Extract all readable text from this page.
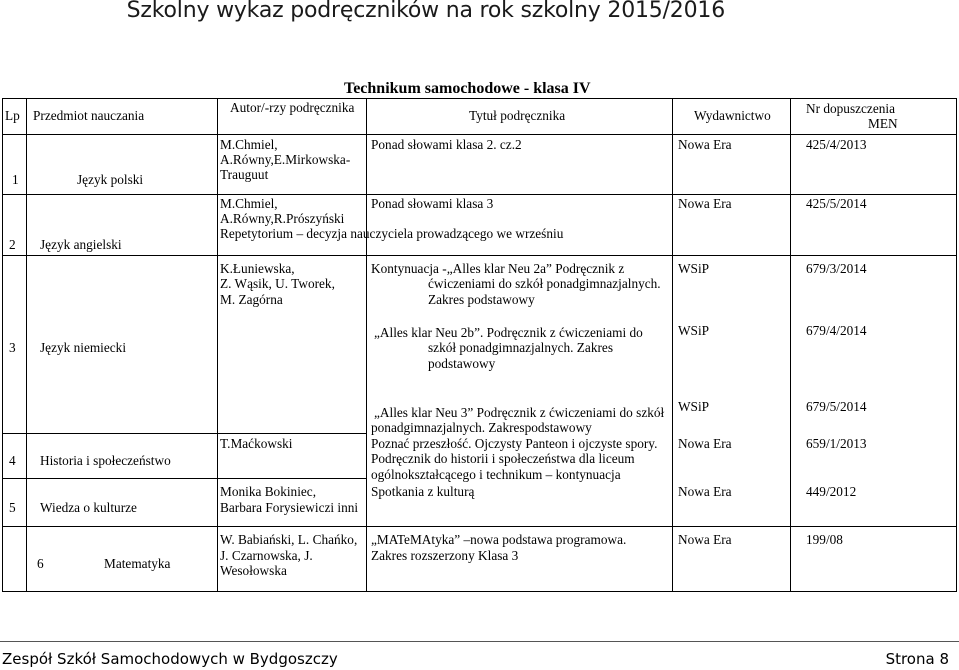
Szkolny wykaz podręczników na rok szkolny 2015/2016
Technikum samochodowe - klasa IV
Lp Przedmiot nauczania
Autor/-rzy podręcznika
Tytuł podręcznika	Wydawnictwo	Nr dopuszczenia
MEN
1	Język polski
M.Chmiel,
A.Równy,E.Mirkowska-
Trauguut
Ponad słowami klasa 2. cz.2	Nowa Era	425/4/2013
2 Język angielski
M.Chmiel,
A.Równy,R.Prószyński
Ponad słowami klasa 3	Nowa Era	425/5/2014
Repetytorium – decyzja nauczyciela prowadzącego we wrześniu
3 Język niemiecki
K.Łuniewska,
Z. Wąsik, U. Tworek,
M. Zagórna
Kontynuacja -„Alles klar Neu 2a” Podręcznik z
ćwiczeniami do szkół ponadgimnazjalnych.
Zakres podstawowy
WSiP	679/3/2014
„Alles klar Neu 2b”. Podręcznik z ćwiczeniami do
szkół ponadgimnazjalnych. Zakres
podstawowy
WSiP	679/4/2014
„Alles klar Neu 3” Podręcznik z ćwiczeniami do szkół
ponadgimnazjalnych. Zakrespodstawowy
WSiP	679/5/2014
4 Historia i społeczeństwo
T.Maćkowski	Poznać przeszłość. Ojczysty Panteon i ojczyste spory.
Podręcznik do historii i społeczeństwa dla liceum
ogólnokształcącego i technikum – kontynuacja
Nowa Era	659/1/2013
5 Wiedza o kulturze
Monika Bokiniec,
Barbara Forysiewiczi inni
Spotkania z kulturą	Nowa Era	449/2012
6	Matematyka
W. Babiański, L. Chańko,
J. Czarnowska, J.
Wesołowska
„MATeMAtyka” –nowa podstawa programowa.
Zakres rozszerzony Klasa 3
Nowa Era	199/08
Zespół Szkół Samochodowych w Bydgoszczy	Strona 8
